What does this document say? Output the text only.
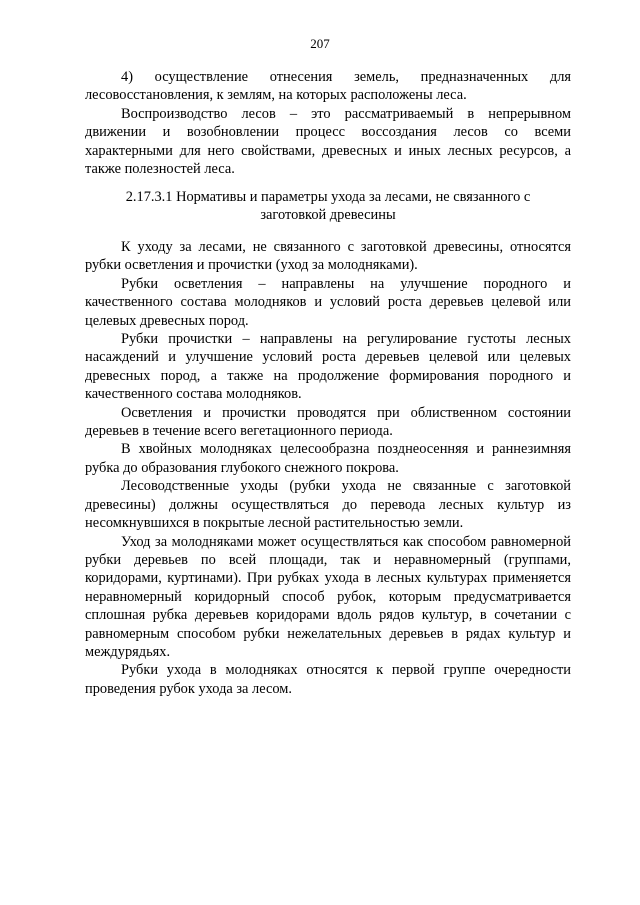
207

4) осуществление отнесения земель, предназначенных для лесовосстановления, к землям, на которых расположены леса.

Воспроизводство лесов – это рассматриваемый в непрерывном движении и возобновлении процесс воссоздания лесов со всеми характерными для него свойствами, древесных и иных лесных ресурсов, а также полезностей леса.

2.17.3.1 Нормативы и параметры ухода за лесами, не связанного с
заготовкой древесины

К уходу за лесами, не связанного с заготовкой древесины, относятся рубки осветления и прочистки (уход за молодняками).

Рубки осветления – направлены на улучшение породного и качественного состава молодняков и условий роста деревьев целевой или целевых древесных пород.

Рубки прочистки – направлены на регулирование густоты лесных насаждений и улучшение условий роста деревьев целевой или целевых древесных пород, а также на продолжение формирования породного и качественного состава молодняков.

Осветления и прочистки проводятся при облиственном состоянии деревьев в течение всего вегетационного периода.

В хвойных молодняках целесообразна позднеосенняя и раннезимняя рубка до образования глубокого снежного покрова.

Лесоводственные уходы (рубки ухода не связанные с заготовкой древесины) должны осуществляться до перевода лесных культур из несомкнувшихся в покрытые лесной растительностью земли.

Уход за молодняками может осуществляться как способом равномерной рубки деревьев по всей площади, так и неравномерный (группами, коридорами, куртинами). При рубках ухода в лесных культурах применяется неравномерный коридорный способ рубок, которым предусматривается сплошная рубка деревьев коридорами вдоль рядов культур, в сочетании с равномерным способом рубки нежелательных деревьев в рядах культур и междурядьях.

Рубки ухода в молодняках относятся к первой группе очередности проведения рубок ухода за лесом.
